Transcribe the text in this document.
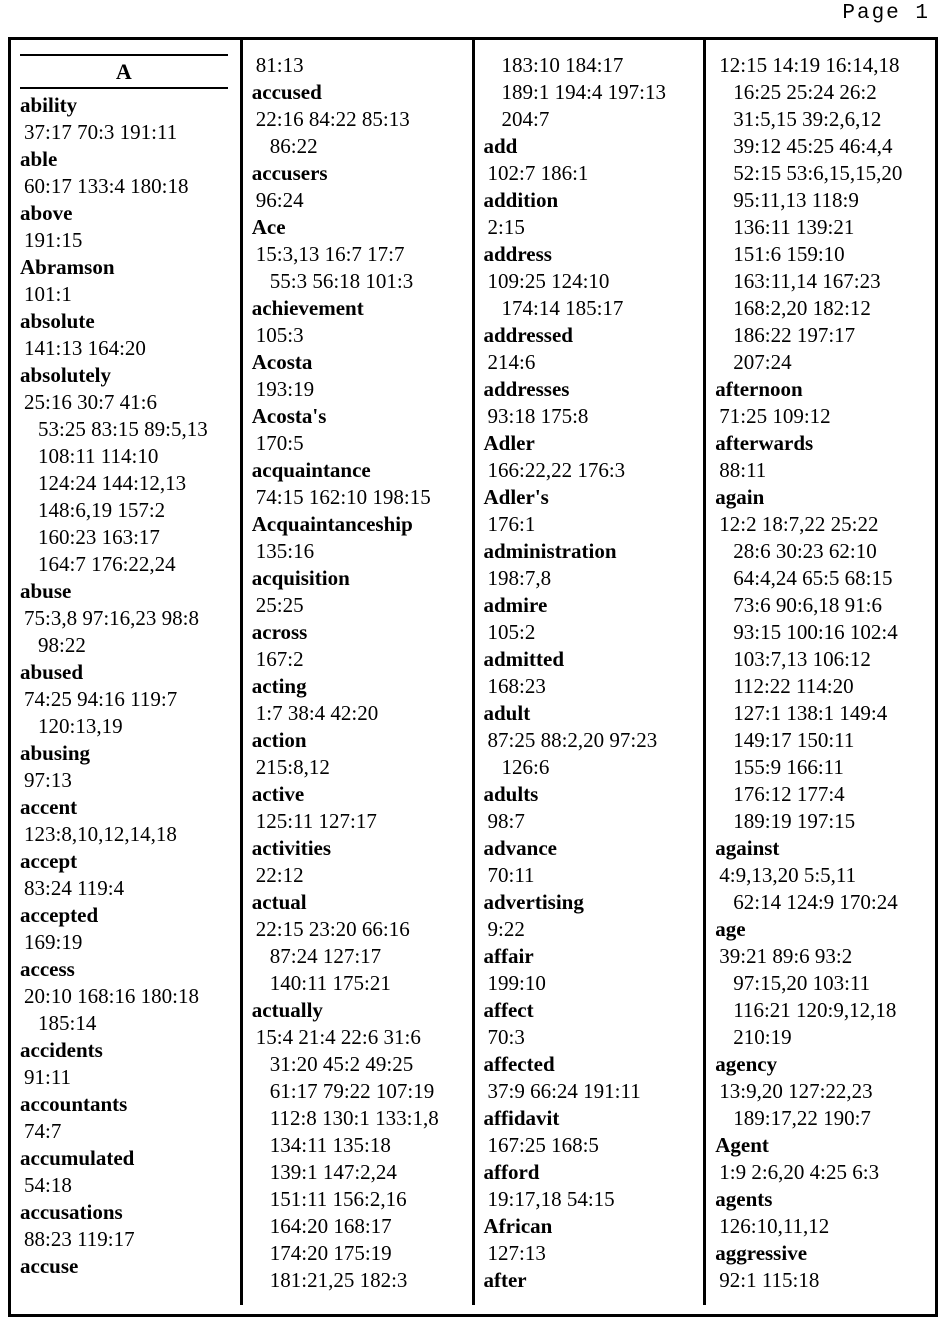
Page 1
A
ability
37:17 70:3 191:11
able
60:17 133:4 180:18
above
191:15
Abramson
101:1
absolute
141:13 164:20
absolutely
25:16 30:7 41:6
53:25 83:15 89:5,13
108:11 114:10
124:24 144:12,13
148:6,19 157:2
160:23 163:17
164:7 176:22,24
abuse
75:3,8 97:16,23 98:8
98:22
abused
74:25 94:16 119:7
120:13,19
abusing
97:13
accent
123:8,10,12,14,18
accept
83:24 119:4
accepted
169:19
access
20:10 168:16 180:18
185:14
accidents
91:11
accountants
74:7
accumulated
54:18
accusations
88:23 119:17
accuse
81:13
accused
22:16 84:22 85:13
86:22
accusers
96:24
Ace
15:3,13 16:7 17:7
55:3 56:18 101:3
achievement
105:3
Acosta
193:19
Acosta's
170:5
acquaintance
74:15 162:10 198:15
Acquaintanceship
135:16
acquisition
25:25
across
167:2
acting
1:7 38:4 42:20
action
215:8,12
active
125:11 127:17
activities
22:12
actual
22:15 23:20 66:16
87:24 127:17
140:11 175:21
actually
15:4 21:4 22:6 31:6
31:20 45:2 49:25
61:17 79:22 107:19
112:8 130:1 133:1,8
134:11 135:18
139:1 147:2,24
151:11 156:2,16
164:20 168:17
174:20 175:19
181:21,25 182:3
183:10 184:17
189:1 194:4 197:13
204:7
add
102:7 186:1
addition
2:15
address
109:25 124:10
174:14 185:17
addressed
214:6
addresses
93:18 175:8
Adler
166:22,22 176:3
Adler's
176:1
administration
198:7,8
admire
105:2
admitted
168:23
adult
87:25 88:2,20 97:23
126:6
adults
98:7
advance
70:11
advertising
9:22
affair
199:10
affect
70:3
affected
37:9 66:24 191:11
affidavit
167:25 168:5
afford
19:17,18 54:15
African
127:13
after
12:15 14:19 16:14,18
16:25 25:24 26:2
31:5,15 39:2,6,12
39:12 45:25 46:4,4
52:15 53:6,15,15,20
95:11,13 118:9
136:11 139:21
151:6 159:10
163:11,14 167:23
168:2,20 182:12
186:22 197:17
207:24
afternoon
71:25 109:12
afterwards
88:11
again
12:2 18:7,22 25:22
28:6 30:23 62:10
64:4,24 65:5 68:15
73:6 90:6,18 91:6
93:15 100:16 102:4
103:7,13 106:12
112:22 114:20
127:1 138:1 149:4
149:17 150:11
155:9 166:11
176:12 177:4
189:19 197:15
against
4:9,13,20 5:5,11
62:14 124:9 170:24
age
39:21 89:6 93:2
97:15,20 103:11
116:21 120:9,12,18
210:19
agency
13:9,20 127:22,23
189:17,22 190:7
Agent
1:9 2:6,20 4:25 6:3
agents
126:10,11,12
aggressive
92:1 115:18
